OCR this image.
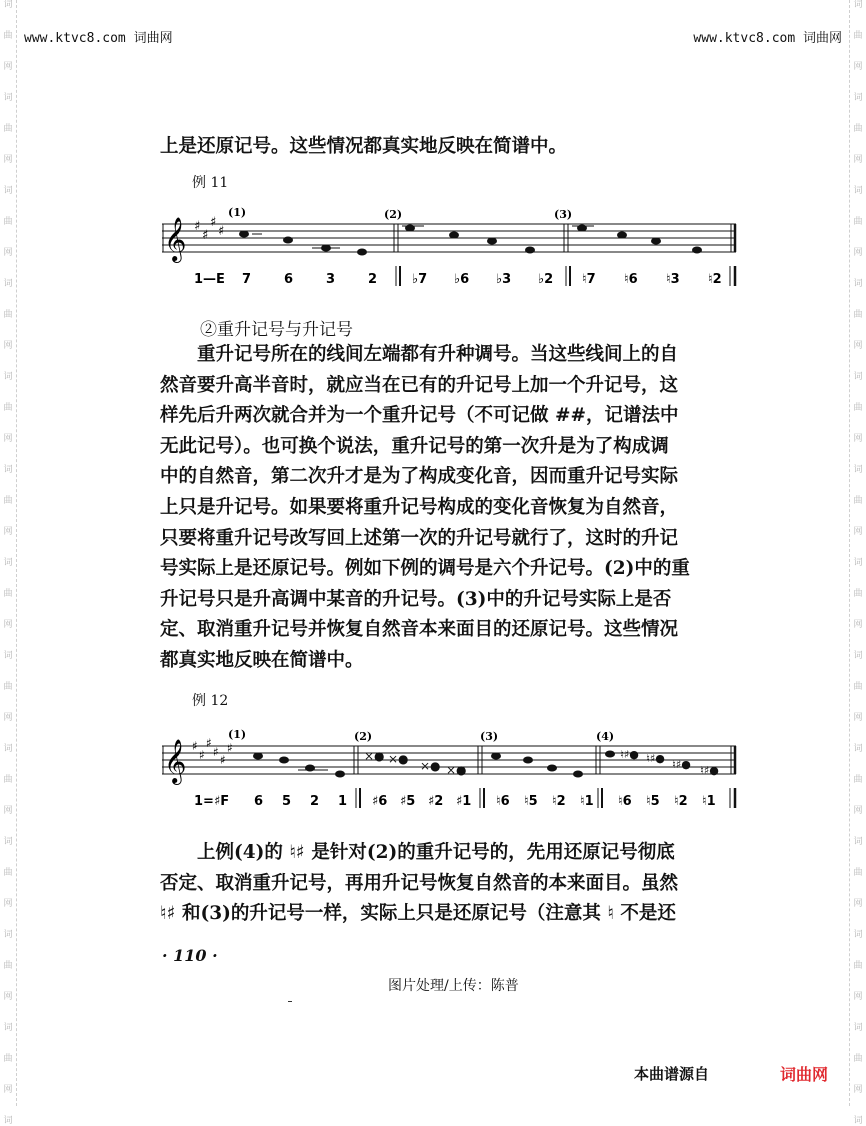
词
曲
网
词
曲
网
词
曲
网
词
曲
网
词
曲
网
词
曲
网
词
曲
网
词
曲
网
词
曲
网
词
曲
网
词
曲
网
词
曲
网
词
词
曲
网
词
曲
网
词
曲
网
词
曲
网
词
曲
网
词
曲
网
词
曲
网
词
曲
网
词
曲
网
词
曲
网
词
曲
网
词
曲
网
词
www.ktvc8.com 词曲网	www.ktvc8.com 词曲网

上是还原记号。这些情况都真实地反映在简谱中。

例 11
𝄞 ♯
♯
♯
♯
(1)	(2)	(3)
1—E 7	6	3	2	♭7 ♭6 ♭3 ♭2 ♮7 ♮6 ♮3 ♮2
②重升记号与升记号

重升记号所在的线间左端都有升种调号。当这些线间上的自

然音要升高半音时，就应当在已有的升记号上加一个升记号，这

样先后升两次就合并为一个重升记号（不可记做 ##，记谱法中

无此记号）。也可换个说法，重升记号的第一次升是为了构成调

中的自然音，第二次升才是为了构成变化音，因而重升记号实际

上只是升记号。如果要将重升记号构成的变化音恢复为自然音，

只要将重升记号改写回上述第一次的升记号就行了，这时的升记

号实际上是还原记号。例如下例的调号是六个升记号。(2)中的重

升记号只是升高调中某音的升记号。(3)中的升记号实际上是否

定、取消重升记号并恢复自然音本来面目的还原记号。这些情况

都真实地反映在简谱中。

例 12
𝄞 ♯
♯
♯
♯
♯
♯
(1)	(2)	(3)	(4)
×● ×● ×● ×●
♮♯● ♮♯● ♮♯● ♮♯●
1=♯F 6 5 2 1 ♯6 ♯5 ♯2 ♯1 ♮6 ♮5 ♮2 ♮1 ♮6 ♮5 ♮2 ♮1

上例(4)的 ♮♯ 是针对(2)的重升记号的，先用还原记号彻底

否定、取消重升记号，再用升记号恢复自然音的本来面目。虽然

♮♯ 和(3)的升记号一样，实际上只是还原记号（注意其 ♮ 不是还

· 110 ·
图片处理/上传：陈普
本曲谱源自	词曲网
